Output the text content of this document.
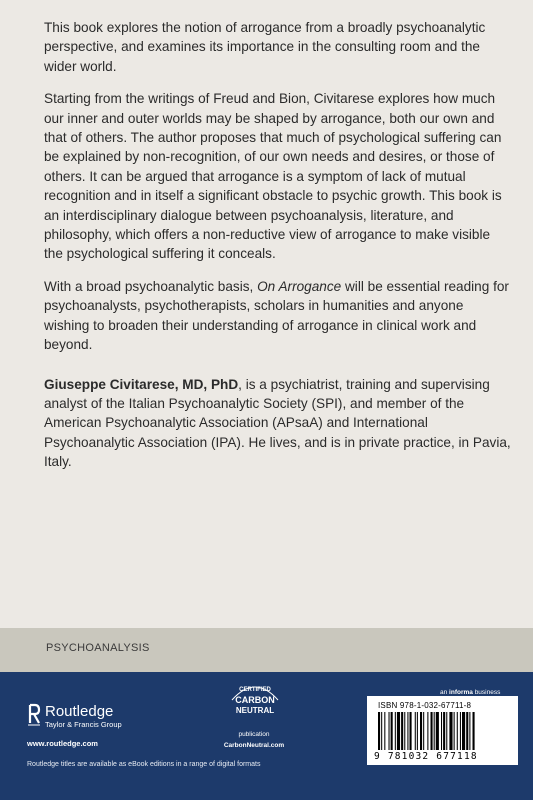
This book explores the notion of arrogance from a broadly psychoanalytic perspective, and examines its importance in the consulting room and the wider world.

Starting from the writings of Freud and Bion, Civitarese explores how much our inner and outer worlds may be shaped by arrogance, both our own and that of others. The author proposes that much of psychological suffering can be explained by non-recognition, of our own needs and desires, or those of others. It can be argued that arrogance is a symptom of lack of mutual recognition and in itself a significant obstacle to psychic growth. This book is an interdisciplinary dialogue between psychoanalysis, literature, and philosophy, which offers a non-reductive view of arrogance to make visible the psychological suffering it conceals.

With a broad psychoanalytic basis, On Arrogance will be essential reading for psychoanalysts, psychotherapists, scholars in humanities and anyone wishing to broaden their understanding of arrogance in clinical work and beyond.

Giuseppe Civitarese, MD, PhD, is a psychiatrist, training and supervising analyst of the Italian Psychoanalytic Society (SPI), and member of the American Psychoanalytic Association (APsaA) and International Psychoanalytic Association (IPA). He lives, and is in private practice, in Pavia, Italy.

PSYCHOANALYSIS
Routledge
Taylor & Francis Group
www.routledge.com
Routledge titles are available as eBook editions in a range of digital formats
CERTIFIED
CARBON
NEUTRAL
publication
CarbonNeutral.com
an informa business
ISBN 978-1-032-67711-8
9 781032 677118
